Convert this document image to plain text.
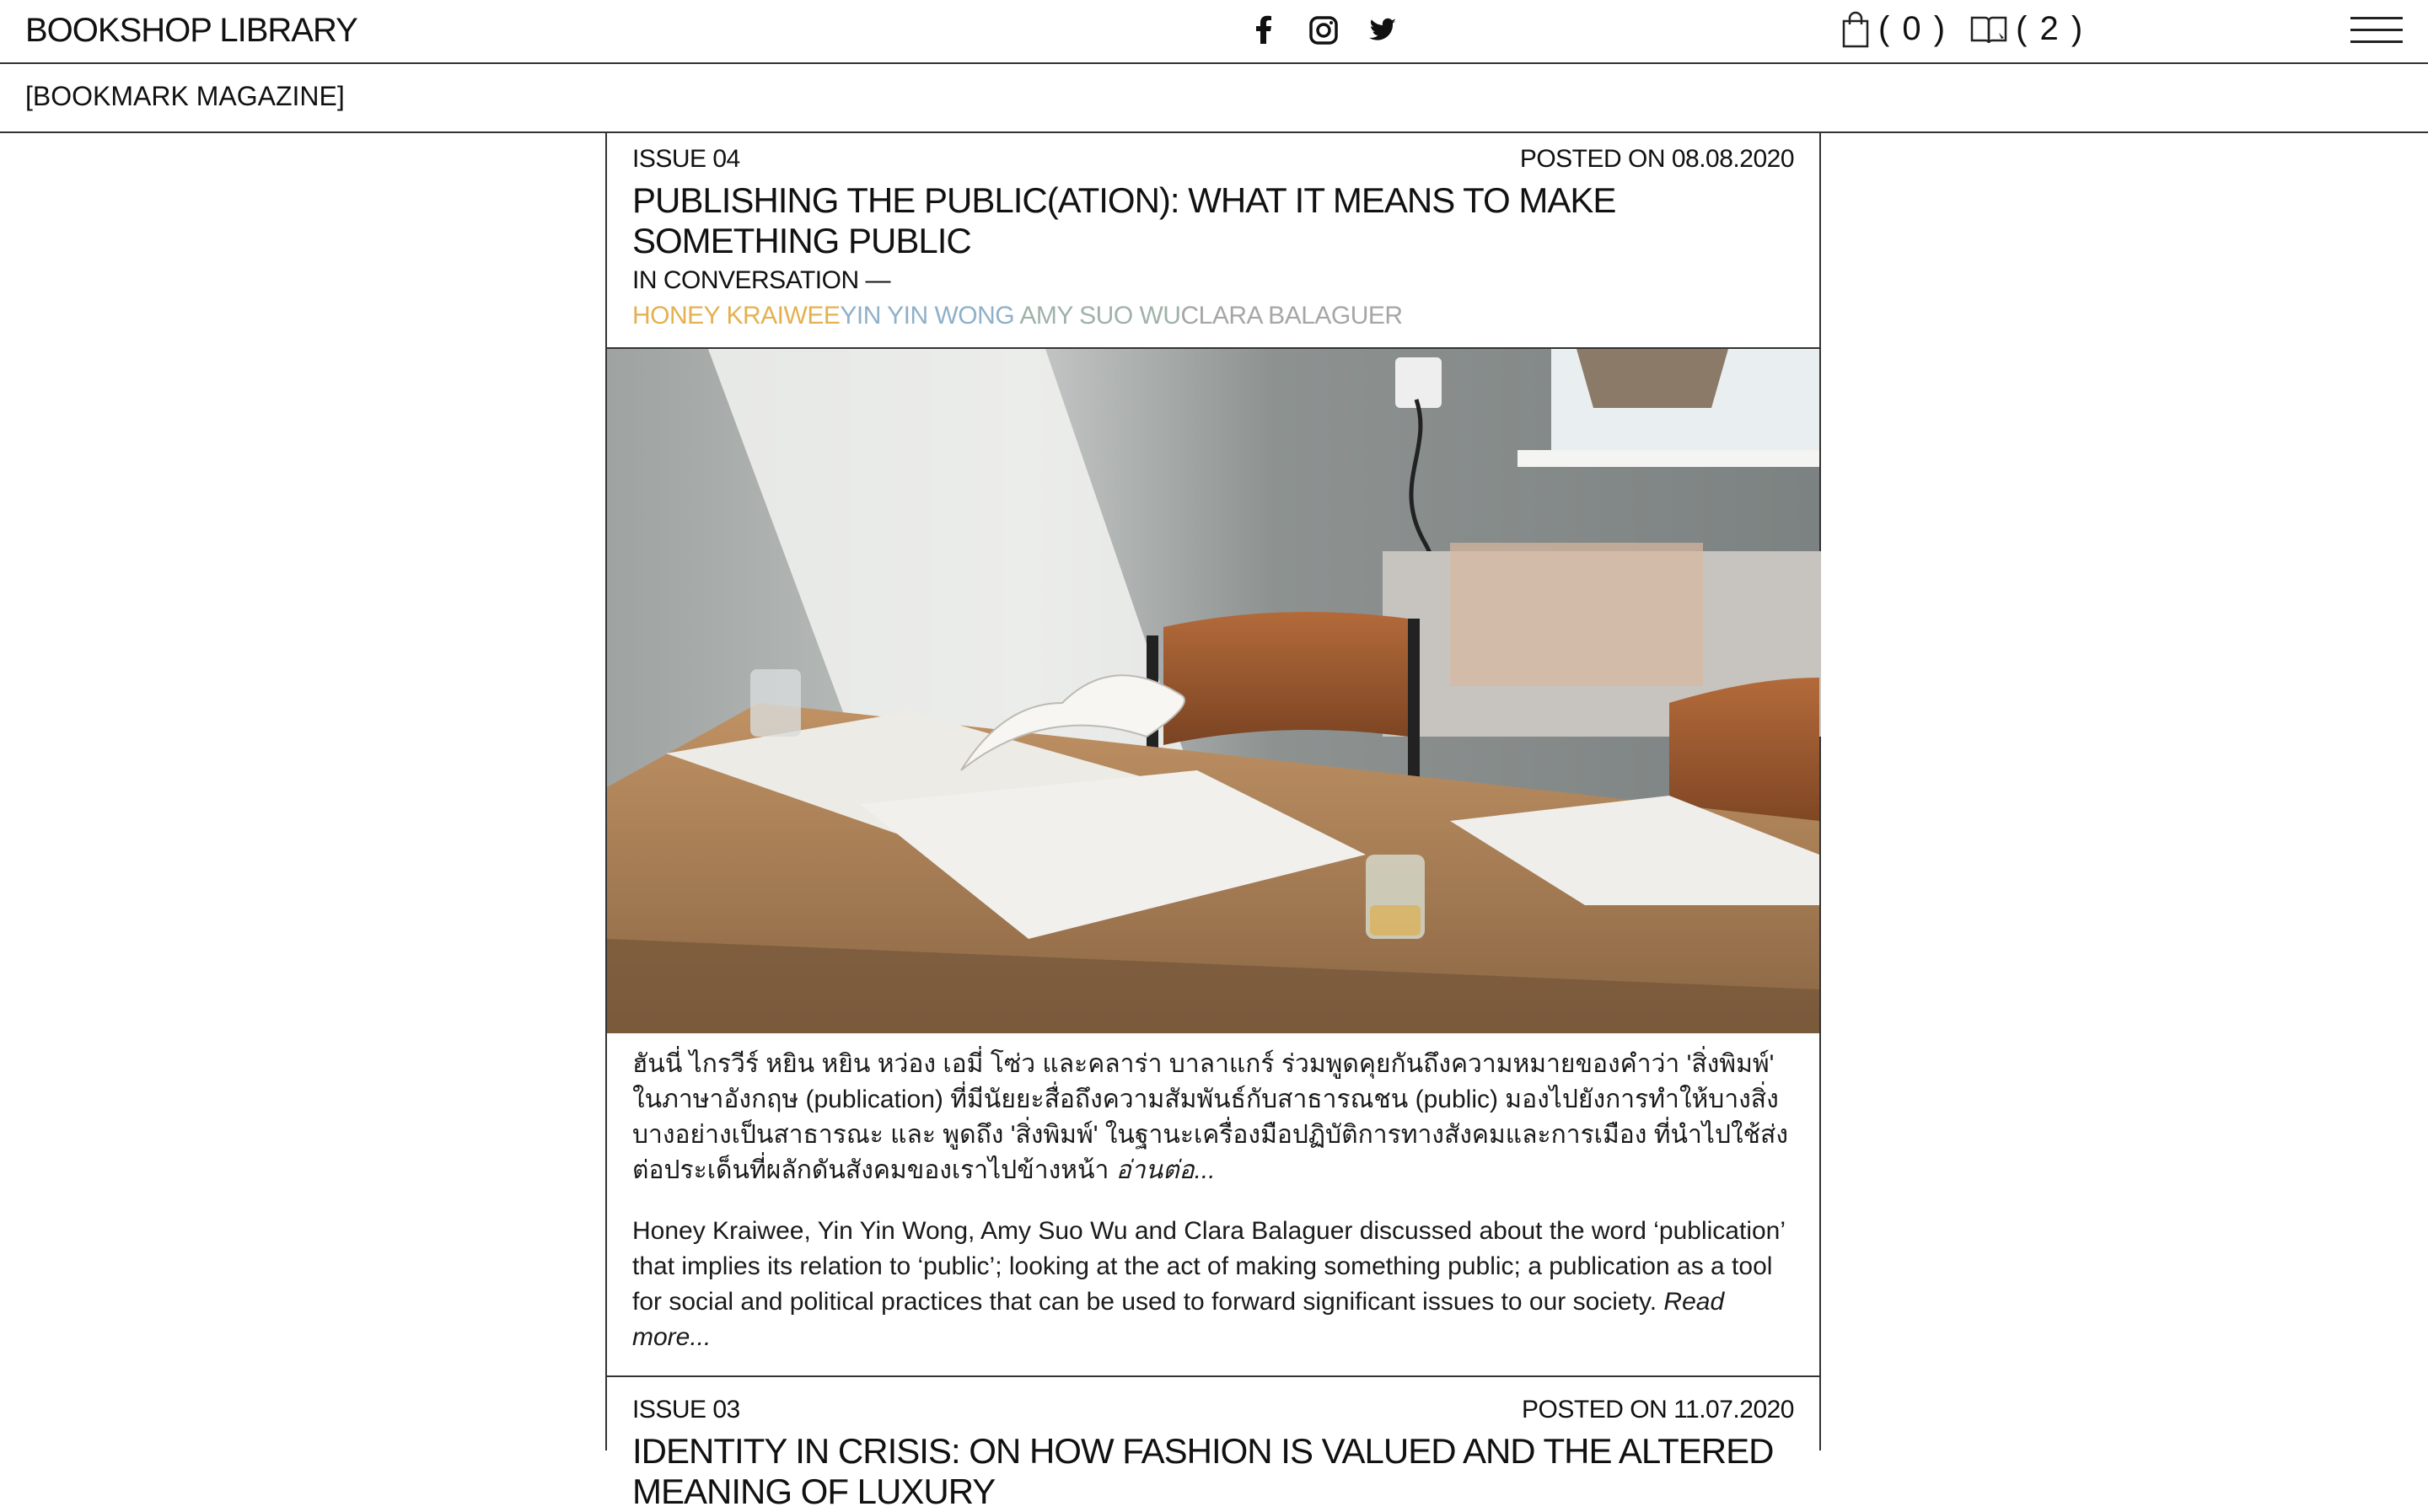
BOOKSHOP LIBRARY	( 0 ) ( 2 )
[BOOKMARK MAGAZINE]
ISSUE 04	POSTED ON 08.08.2020
PUBLISHING THE PUBLIC(ATION): WHAT IT MEANS TO MAKE SOMETHING PUBLIC
IN CONVERSATION —
HONEY KRAIWEEYIN YIN WONG AMY SUO WUCLARA BALAGUER

ฮันนี่ ไกรวีร์ หยิน หยิน หว่อง เอมี่ โซ่ว และคลาร่า บาลาแกร์ ร่วมพูดคุยกันถึงความหมายของคำว่า 'สิ่งพิมพ์' ในภาษาอังกฤษ (publication) ที่มีนัยยะสื่อถึงความสัมพันธ์กับสาธารณชน (public) มองไปยังการทำให้บางสิ่งบางอย่างเป็นสาธารณะ และ พูดถึง 'สิ่งพิมพ์' ในฐานะเครื่องมือปฏิบัติการทางสังคมและการเมือง ที่นำไปใช้ส่งต่อประเด็นที่ผลักดันสังคมของเราไปข้างหน้า อ่านต่อ...

Honey Kraiwee, Yin Yin Wong, Amy Suo Wu and Clara Balaguer discussed about the word ‘publication’ that implies its relation to ‘public’; looking at the act of making something public; a publication as a tool for social and political practices that can be used to forward significant issues to our society. Read more...

ISSUE 03	POSTED ON 11.07.2020
IDENTITY IN CRISIS: ON HOW FASHION IS VALUED AND THE ALTERED MEANING OF LUXURY
